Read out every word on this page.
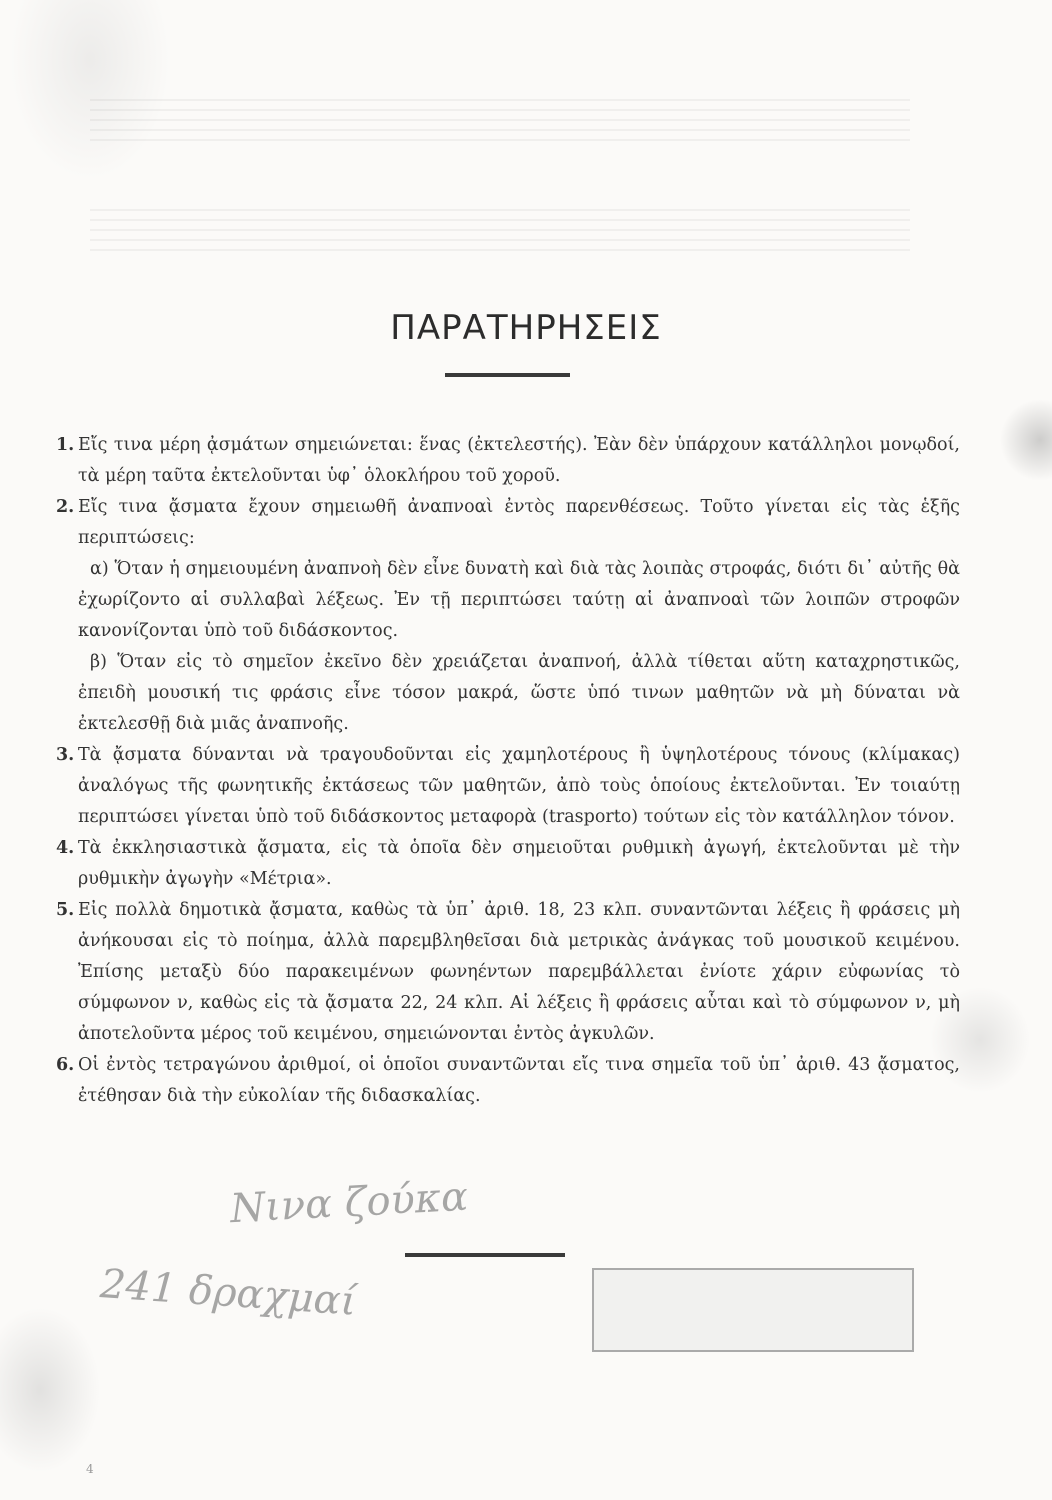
ΠΑΡΑΤΗΡΗΣΕΙΣ
1. Εἴς τινα μέρη ᾀσμάτων σημειώνεται: ἕνας (ἐκτελεστής). Ἐὰν δὲν ὑπάρχουν κατάλληλοι μονῳδοί, τὰ μέρη ταῦτα ἐκτελοῦνται ὑφ᾿ ὁλοκλήρου τοῦ χοροῦ.
2. Εἴς τινα ᾄσματα ἔχουν σημειωθῆ ἀναπνοαὶ ἐντὸς παρενθέσεως. Τοῦτο γίνεται εἰς τὰς ἑξῆς περιπτώσεις:
α) Ὅταν ἡ σημειουμένη ἀναπνοὴ δὲν εἶνε δυνατὴ καὶ διὰ τὰς λοιπὰς στροφάς, διότι δι᾿ αὐτῆς θὰ ἐχωρίζοντο αἱ συλλαβαὶ λέξεως. Ἐν τῇ περιπτώσει ταύτῃ αἱ ἀναπνοαὶ τῶν λοιπῶν στροφῶν κανονίζονται ὑπὸ τοῦ διδάσκοντος.
β) Ὅταν εἰς τὸ σημεῖον ἐκεῖνο δὲν χρειάζεται ἀναπνοή, ἀλλὰ τίθεται αὕτη καταχρηστικῶς, ἐπειδὴ μουσική τις φράσις εἶνε τόσον μακρά, ὥστε ὑπό τινων μαθητῶν νὰ μὴ δύναται νὰ ἐκτελεσθῇ διὰ μιᾶς ἀναπνοῆς.
3. Τὰ ᾄσματα δύνανται νὰ τραγουδοῦνται εἰς χαμηλοτέρους ἢ ὑψηλοτέρους τόνους (κλίμακας) ἀναλόγως τῆς φωνητικῆς ἐκτάσεως τῶν μαθητῶν, ἀπὸ τοὺς ὁποίους ἐκτελοῦνται. Ἐν τοιαύτῃ περιπτώσει γίνεται ὑπὸ τοῦ διδάσκοντος μεταφορὰ (trasporto) τούτων εἰς τὸν κατάλληλον τόνον.
4. Τὰ ἐκκλησιαστικὰ ᾄσματα, εἰς τὰ ὁποῖα δὲν σημειοῦται ρυθμικὴ ἀγωγή, ἐκτελοῦνται μὲ τὴν ρυθμικὴν ἀγωγὴν «Μέτρια».
5. Εἰς πολλὰ δημοτικὰ ᾄσματα, καθὼς τὰ ὑπ᾿ ἀριθ. 18, 23 κλπ. συναντῶνται λέξεις ἢ φράσεις μὴ ἀνήκουσαι εἰς τὸ ποίημα, ἀλλὰ παρεμβληθεῖσαι διὰ μετρικὰς ἀνάγκας τοῦ μουσικοῦ κειμένου. Ἐπίσης μεταξὺ δύο παρακειμένων φωνηέντων παρεμβάλλεται ἐνίοτε χάριν εὐφωνίας τὸ σύμφωνον ν, καθὼς εἰς τὰ ᾄσματα 22, 24 κλπ. Αἱ λέξεις ἢ φράσεις αὗται καὶ τὸ σύμφωνον ν, μὴ ἀποτελοῦντα μέρος τοῦ κειμένου, σημειώνονται ἐντὸς ἀγκυλῶν.
6. Οἱ ἐντὸς τετραγώνου ἀριθμοί, οἱ ὁποῖοι συναντῶνται εἴς τινα σημεῖα τοῦ ὑπ᾿ ἀριθ. 43 ᾄσματος, ἐτέθησαν διὰ τὴν εὐκολίαν τῆς διδασκαλίας.
Νινα ζούκα
241 δραχμαί
4
